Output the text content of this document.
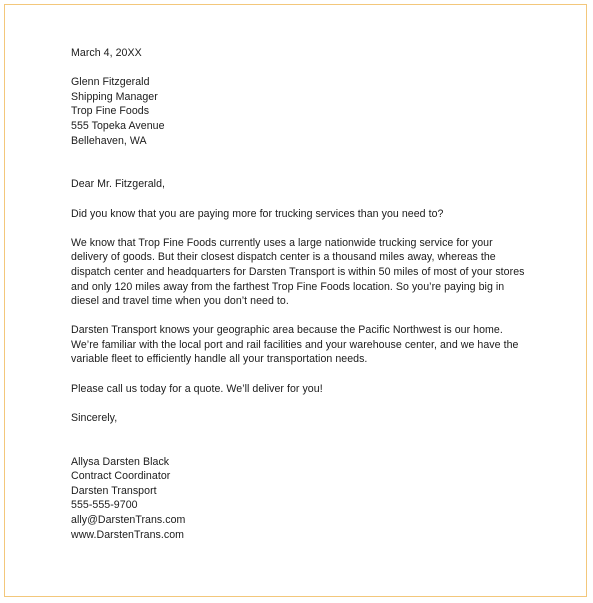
March 4, 20XX
Glenn Fitzgerald
Shipping Manager
Trop Fine Foods
555 Topeka Avenue
Bellehaven, WA
Dear Mr. Fitzgerald,
Did you know that you are paying more for trucking services than you need to?
We know that Trop Fine Foods currently uses a large nationwide trucking service for your
delivery of goods. But their closest dispatch center is a thousand miles away, whereas the
dispatch center and headquarters for Darsten Transport is within 50 miles of most of your stores
and only 120 miles away from the farthest Trop Fine Foods location. So you’re paying big in
diesel and travel time when you don’t need to.
Darsten Transport knows your geographic area because the Pacific Northwest is our home.
We’re familiar with the local port and rail facilities and your warehouse center, and we have the
variable fleet to efficiently handle all your transportation needs.
Please call us today for a quote. We’ll deliver for you!
Sincerely,
Allysa Darsten Black
Contract Coordinator
Darsten Transport
555-555-9700
ally@DarstenTrans.com
www.DarstenTrans.com
